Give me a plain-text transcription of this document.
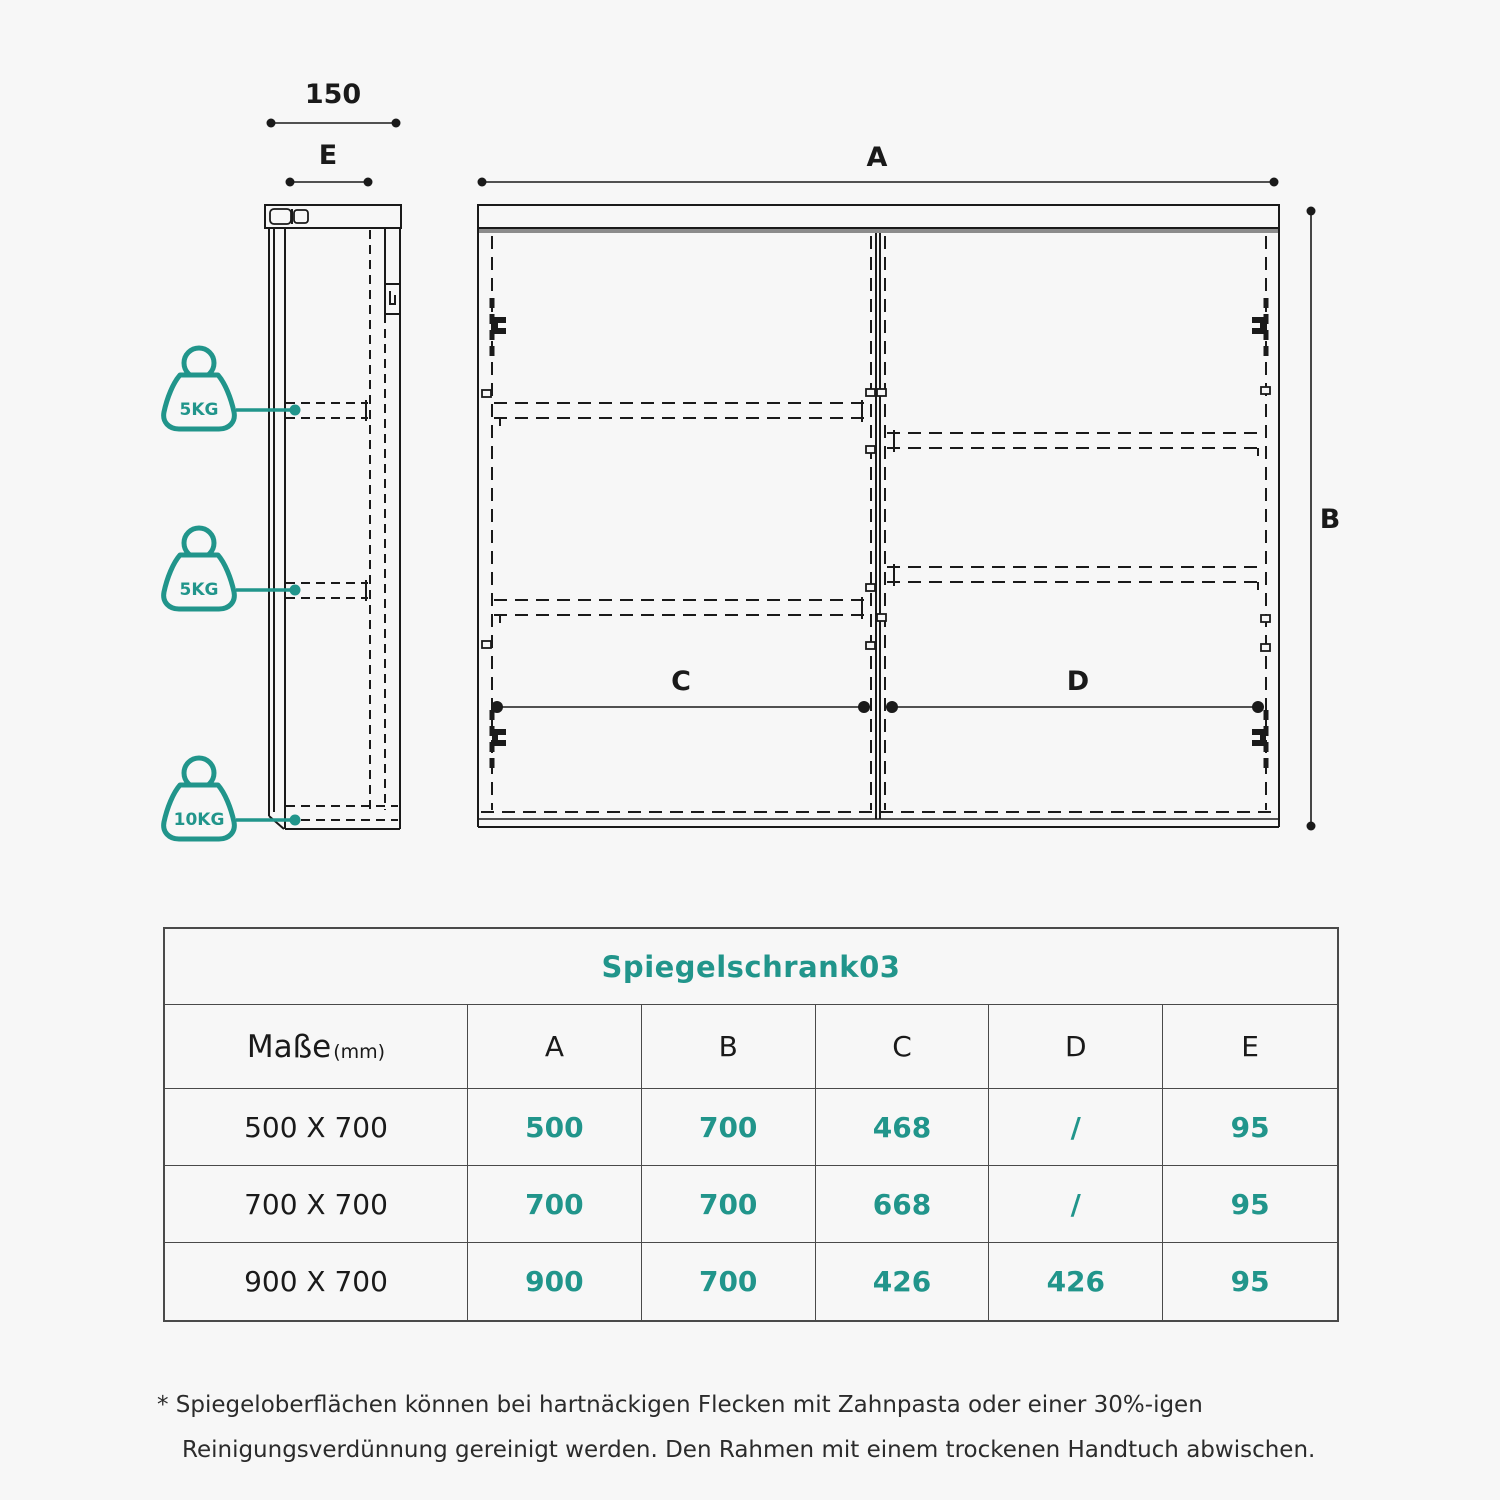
150
E
5KG
5KG
10KG
A
B
C	D
Spiegelschrank03
Maße (mm)	A	B	C	D	E
500 X 700	500	700	468	/	95
700 X 700	700	700	668	/	95
900 X 700	900	700	426	426	95
* Spiegeloberflächen können bei hartnäckigen Flecken mit Zahnpasta oder einer 30%-igen
Reinigungsverdünnung gereinigt werden. Den Rahmen mit einem trockenen Handtuch abwischen.
